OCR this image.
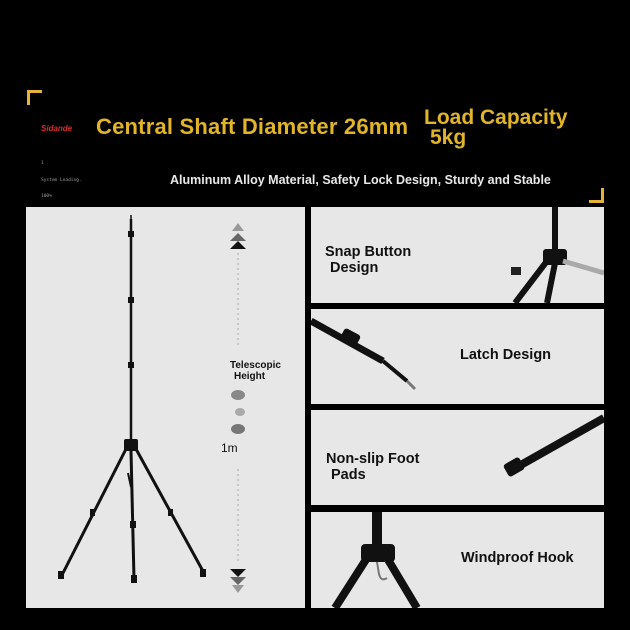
Sidande

1

System Loading.

100%

Central Shaft Diameter 26mm Load Capacity
5kg
Aluminum Alloy Material, Safety Lock Design, Sturdy and Stable
Telescopic
Height
1m
Snap Button
Design
Latch Design
Non-slip Foot
Pads
Windproof Hook
